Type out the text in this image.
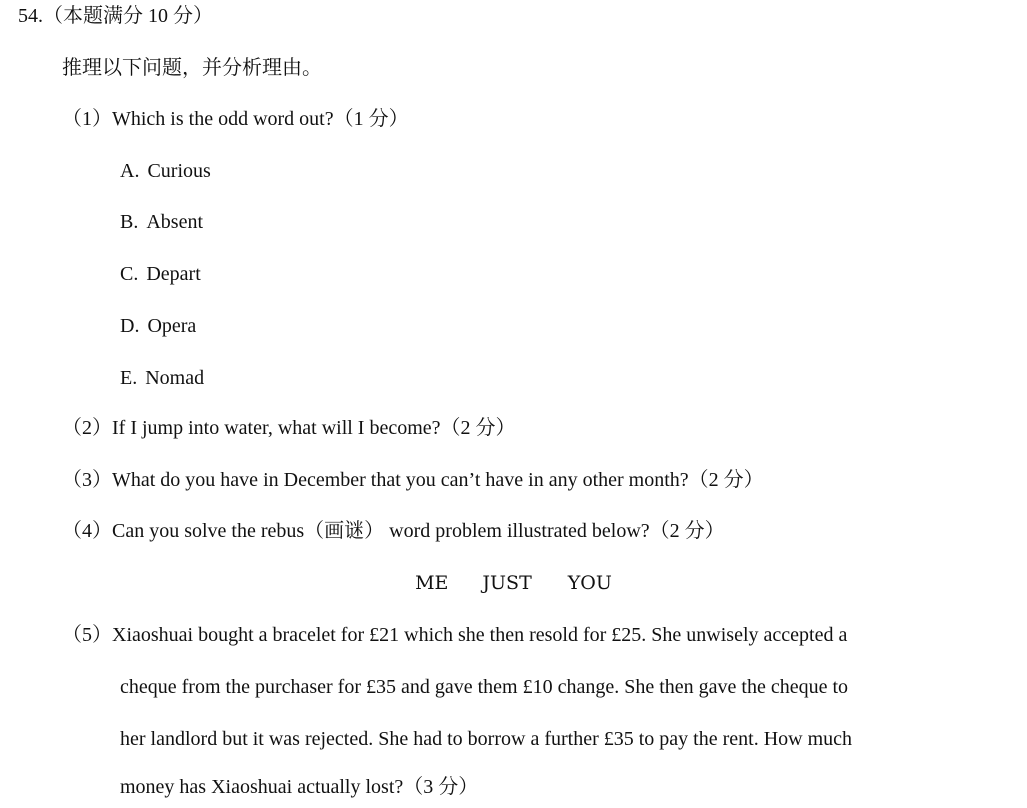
54.（本题满分 10 分）
推理以下问题，并分析理由。
（1）Which is the odd word out?（1 分）
A. Curious
B. Absent
C. Depart
D. Opera
E. Nomad
（2）If I jump into water, what will I become?（2 分）
（3）What do you have in December that you can’t have in any other month?（2 分）
（4）Can you solve the rebus（画谜） word problem illustrated below?（2 分）
ME JUST YOU
（5）Xiaoshuai bought a bracelet for £21 which she then resold for £25. She unwisely accepted a
cheque from the purchaser for £35 and gave them £10 change. She then gave the cheque to
her landlord but it was rejected. She had to borrow a further £35 to pay the rent. How much
money has Xiaoshuai actually lost?（3 分）
